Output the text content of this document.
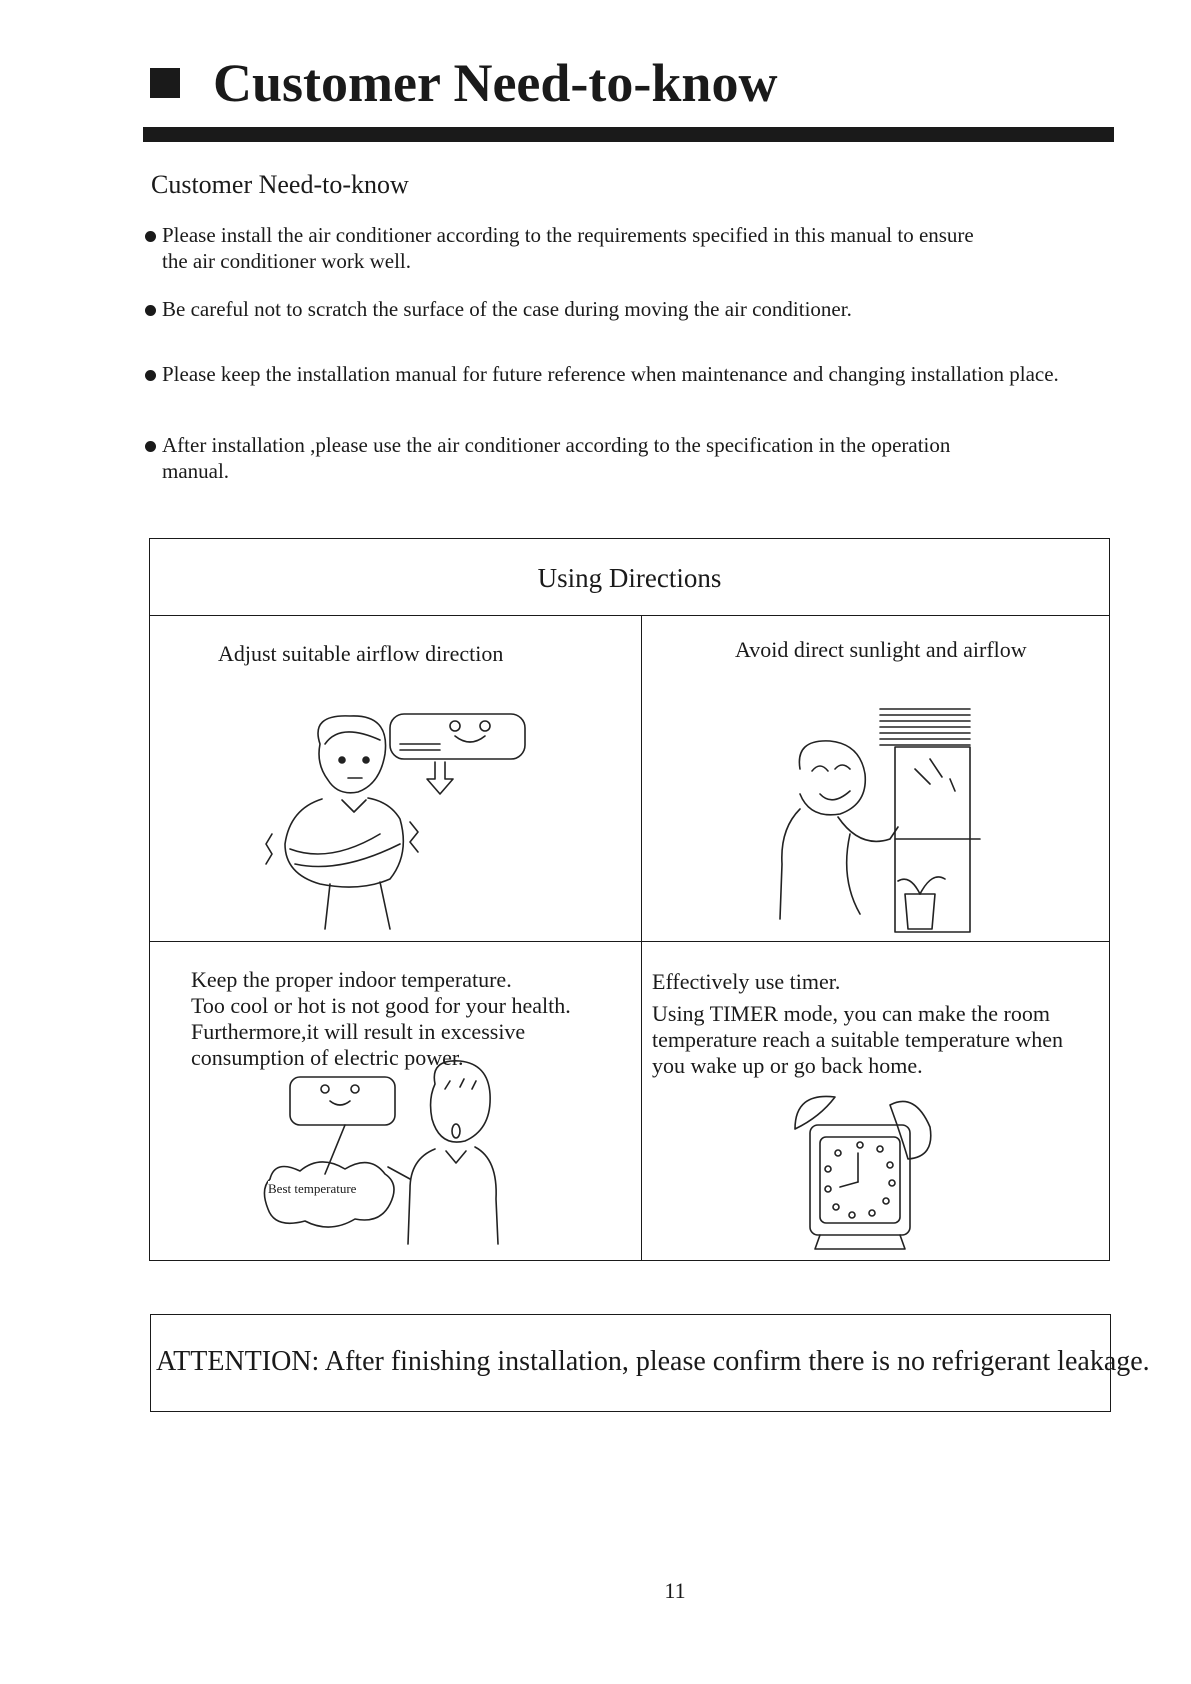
Customer Need-to-know
Customer Need-to-know
Please install the air conditioner according to the requirements specified in this manual to ensure
the air conditioner work well.
Be careful not to scratch the surface of the case during moving the air conditioner.
Please keep the installation manual for future reference when maintenance and changing installation place.
After installation ,please use the air conditioner according to the specification in the operation
manual.
Using Directions
Adjust suitable airflow direction	Avoid direct sunlight and airflow
Keep the proper indoor temperature.
Too cool or hot is not good for your health.
Furthermore,it will result in excessive
consumption of electric power.
Best temperature
Effectively use timer.
Using TIMER mode, you can make the room
temperature reach a suitable temperature when
you wake up or go back home.
ATTENTION: After finishing installation, please confirm there is no refrigerant leakage.
11
